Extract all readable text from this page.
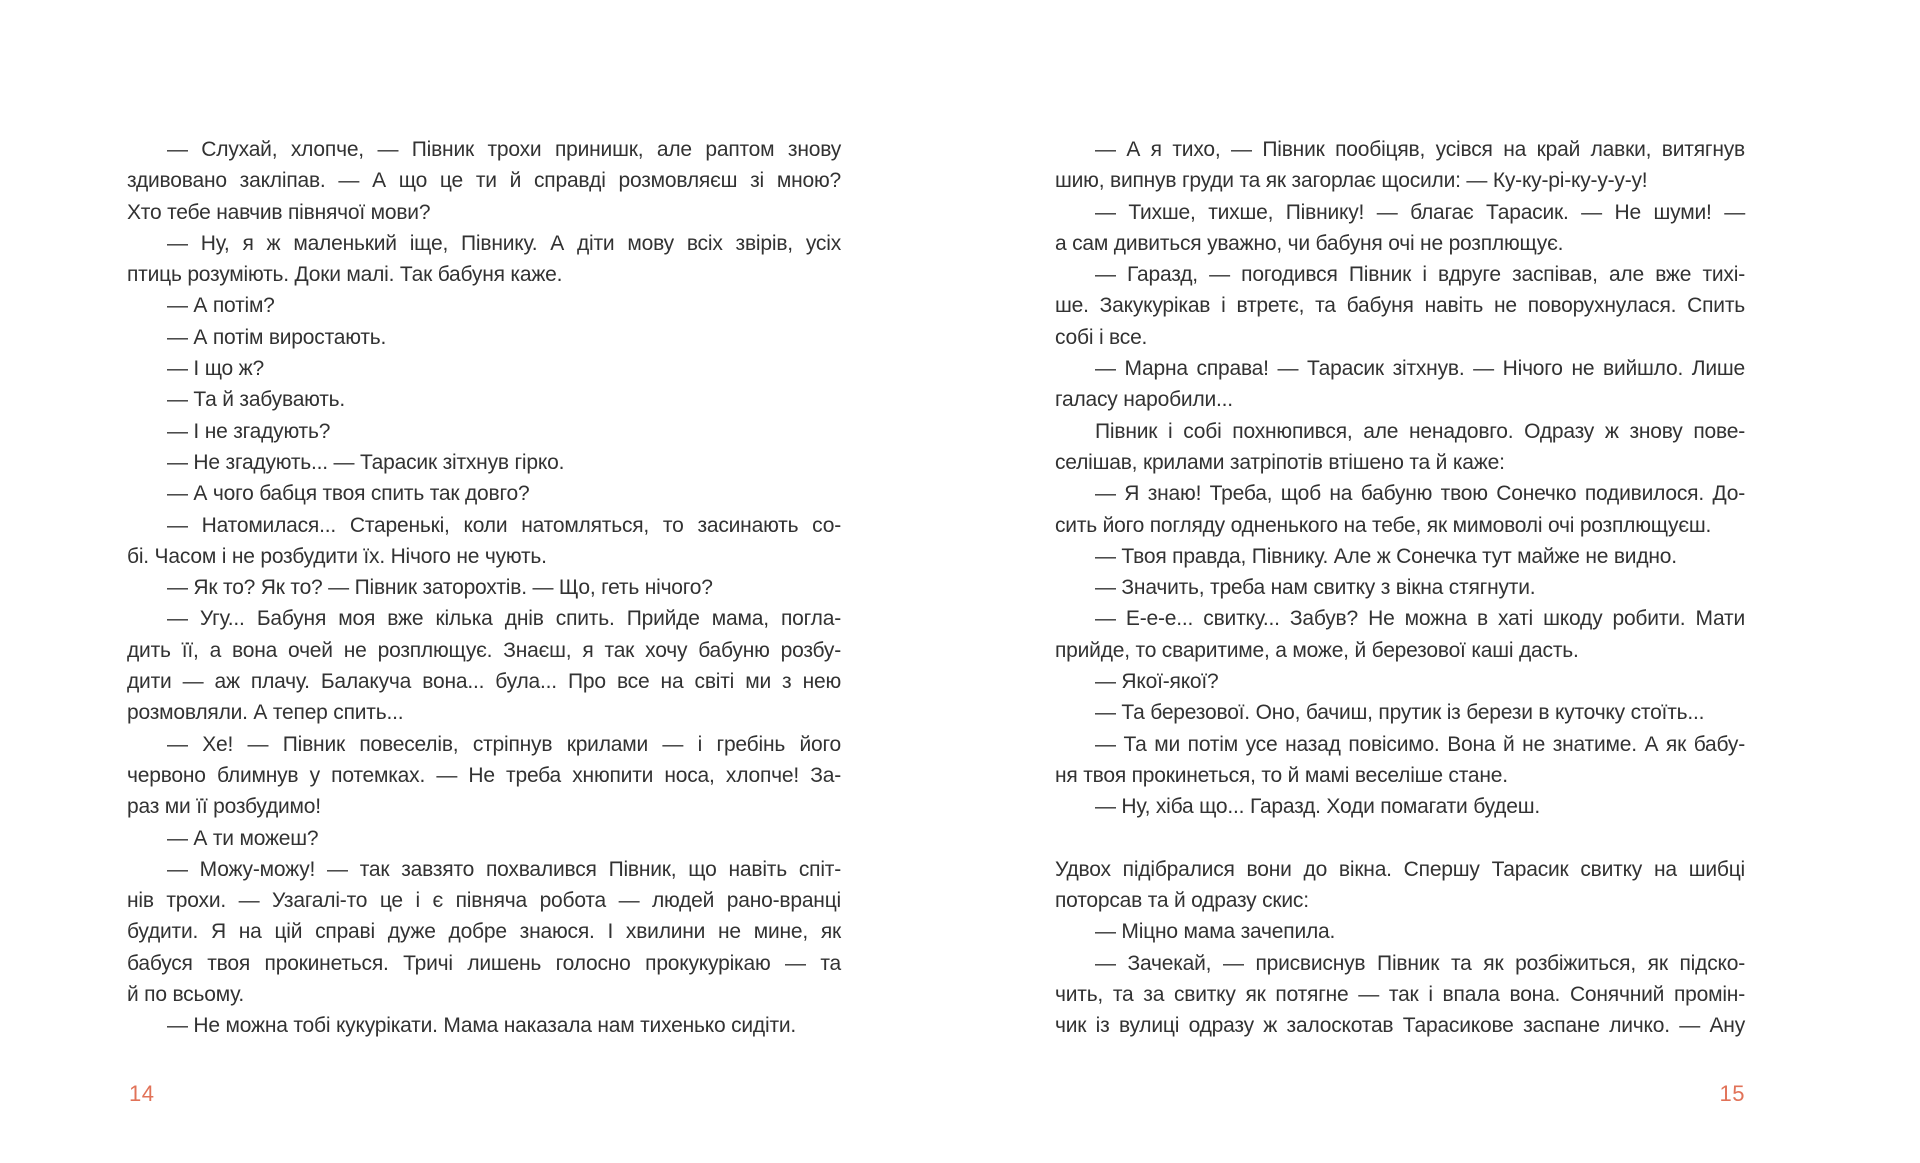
— Слухай, хлопче, — Півник трохи принишк, але раптом знову
здивовано закліпав. — А що це ти й справді розмовляєш зі мною?
Хто тебе навчив півнячої мови?
— Ну, я ж маленький іще, Півнику. А діти мову всіх звірів, усіх
птиць розуміють. Доки малі. Так бабуня каже.
— А потім?
— А потім виростають.
— І що ж?
— Та й забувають.
— І не згадують?
— Не згадують... — Тарасик зітхнув гірко.
— А чого бабця твоя спить так довго?
— Натомилася... Старенькі, коли натомляться, то засинають со-
бі. Часом і не розбудити їх. Нічого не чують.
— Як то? Як то? — Півник заторохтів. — Що, геть нічого?
— Угу... Бабуня моя вже кілька днів спить. Прийде мама, погла-
дить її, а вона очей не розплющує. Знаєш, я так хочу бабуню розбу-
дити — аж плачу. Балакуча вона... була... Про все на світі ми з нею
розмовляли. А тепер спить...
— Хе! — Півник повеселів, стріпнув крилами — і гребінь його
червоно блимнув у потемках. — Не треба хнюпити носа, хлопче! За-
раз ми її розбудимо!
— А ти можеш?
— Можу-можу! — так завзято похвалився Півник, що навіть спіт-
нів трохи. — Узагалі-то це і є півняча робота — людей рано-вранці
будити. Я на цій справі дуже добре знаюся. І хвилини не мине, як
бабуся твоя прокинеться. Тричі лишень голосно прокукурікаю — та
й по всьому.
— Не можна тобі кукурікати. Мама наказала нам тихенько сидіти.
— А я тихо, — Півник пообіцяв, усівся на край лавки, витягнув
шию, випнув груди та як загорлає щосили: — Ку-ку-рі-ку-у-у-у!
— Тихше, тихше, Півнику! — благає Тарасик. — Не шуми! —
а сам дивиться уважно, чи бабуня очі не розплющує.
— Гаразд, — погодився Півник і вдруге заспівав, але вже тихі-
ше. Закукурікав і втретє, та бабуня навіть не поворухнулася. Спить
собі і все.
— Марна справа! — Тарасик зітхнув. — Нічого не вийшло. Лише
галасу наробили...
Півник і собі похнюпився, але ненадовго. Одразу ж знову пове-
селішав, крилами затріпотів втішено та й каже:
— Я знаю! Треба, щоб на бабуню твою Сонечко подивилося. До-
сить його погляду одненького на тебе, як мимоволі очі розплющуєш.
— Твоя правда, Півнику. Але ж Сонечка тут майже не видно.
— Значить, треба нам свитку з вікна стягнути.
— Е-е-е... свитку... Забув? Не можна в хаті шкоду робити. Мати
прийде, то сваритиме, а може, й березової каші дасть.
— Якої-якої?
— Та березової. Оно, бачиш, прутик із берези в куточку стоїть...
— Та ми потім усе назад повісимо. Вона й не знатиме. А як бабу-
ня твоя прокинеться, то й мамі веселіше стане.
— Ну, хіба що... Гаразд. Ходи помагати будеш.
Удвох підібралися вони до вікна. Спершу Тарасик свитку на шибці
поторсав та й одразу скис:
— Міцно мама зачепила.
— Зачекай, — присвиснув Півник та як розбіжиться, як підско-
чить, та за свитку як потягне — так і впала вона. Сонячний промін-
чик із вулиці одразу ж залоскотав Тарасикове заспане личко. — Ану
14	15
